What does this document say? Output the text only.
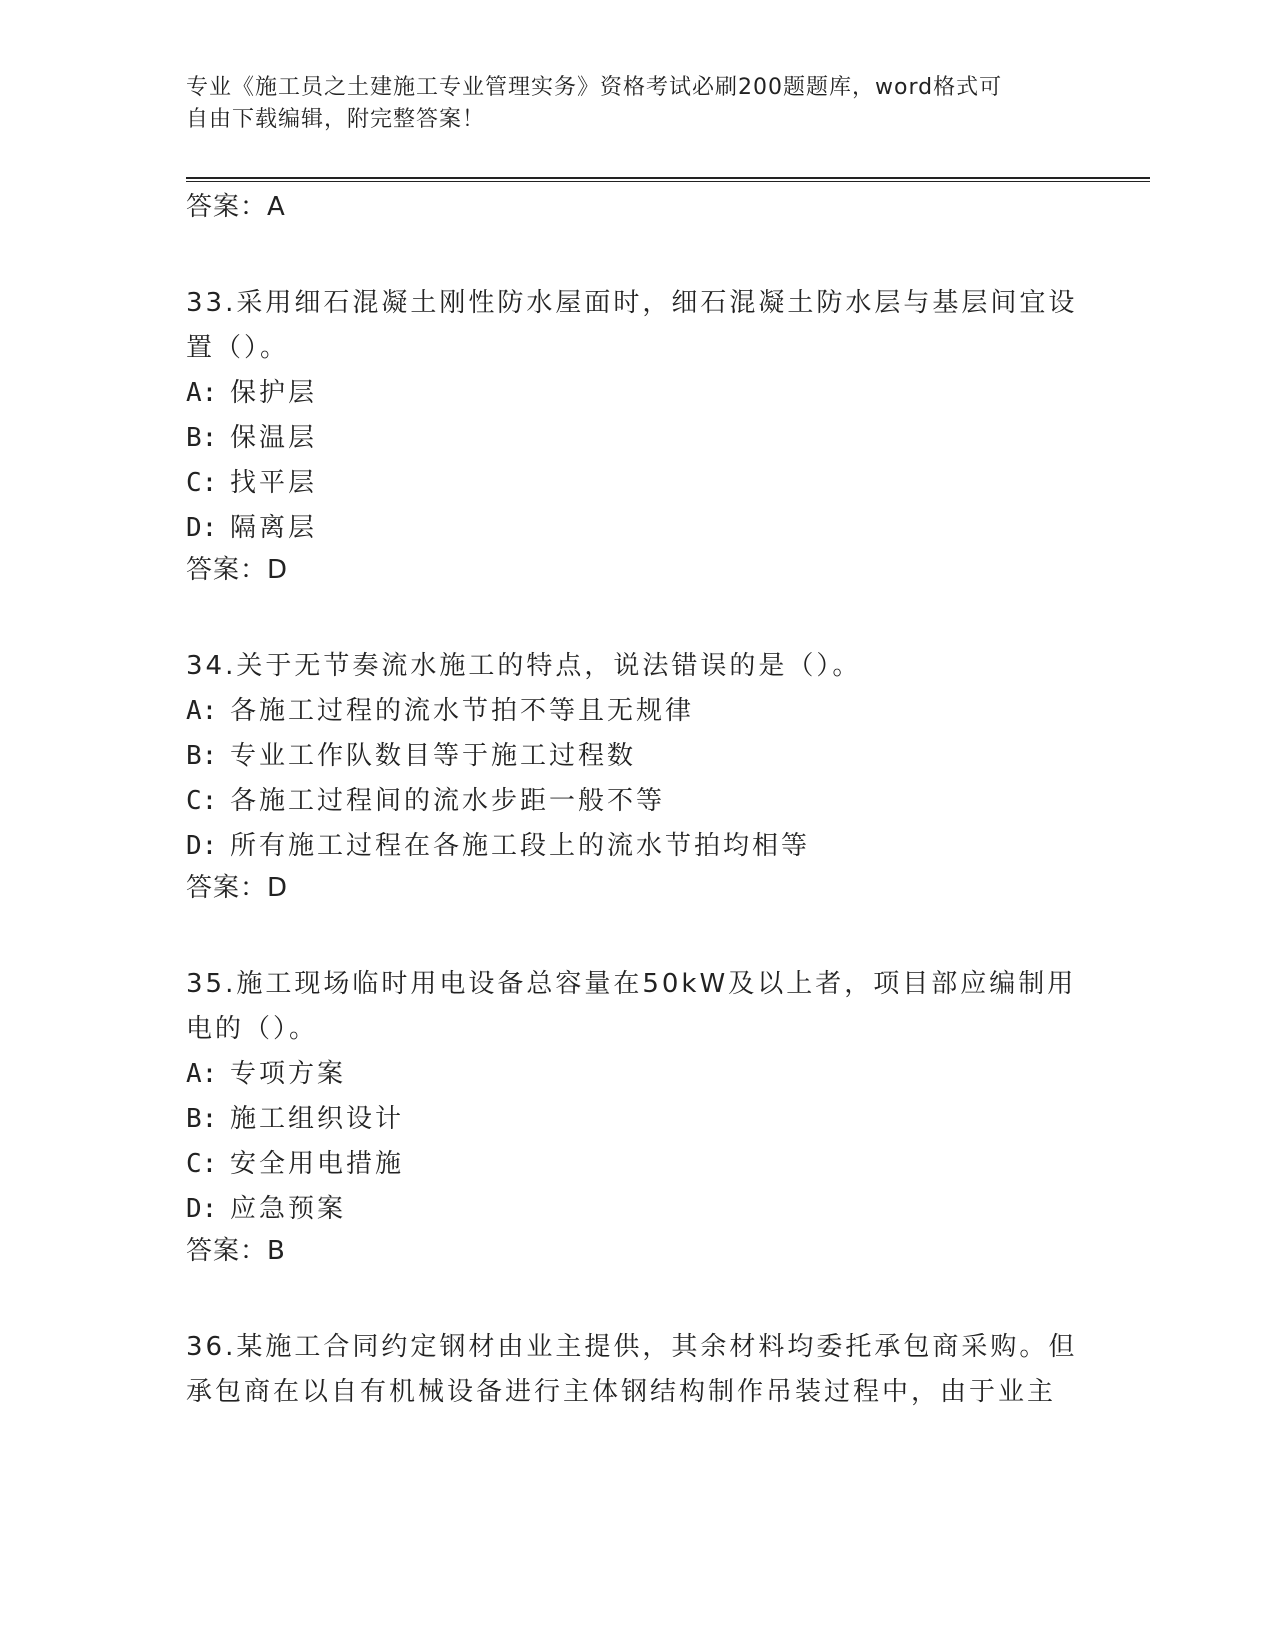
专业《施工员之土建施工专业管理实务》资格考试必刷200题题库，word格式可
自由下载编辑，附完整答案！
答案：A
33.采用细石混凝土刚性防水屋面时，细石混凝土防水层与基层间宜设置（）。
A: 保护层
B: 保温层
C: 找平层
D: 隔离层
答案：D
34.关于无节奏流水施工的特点，说法错误的是（）。
A: 各施工过程的流水节拍不等且无规律
B: 专业工作队数目等于施工过程数
C: 各施工过程间的流水步距一般不等
D: 所有施工过程在各施工段上的流水节拍均相等
答案：D
35.施工现场临时用电设备总容量在50kW及以上者，项目部应编制用电的（）。
A: 专项方案
B: 施工组织设计
C: 安全用电措施
D: 应急预案
答案：B
36.某施工合同约定钢材由业主提供，其余材料均委托承包商采购。但承包商在以自有机械设备进行主体钢结构制作吊装过程中，由于业主
